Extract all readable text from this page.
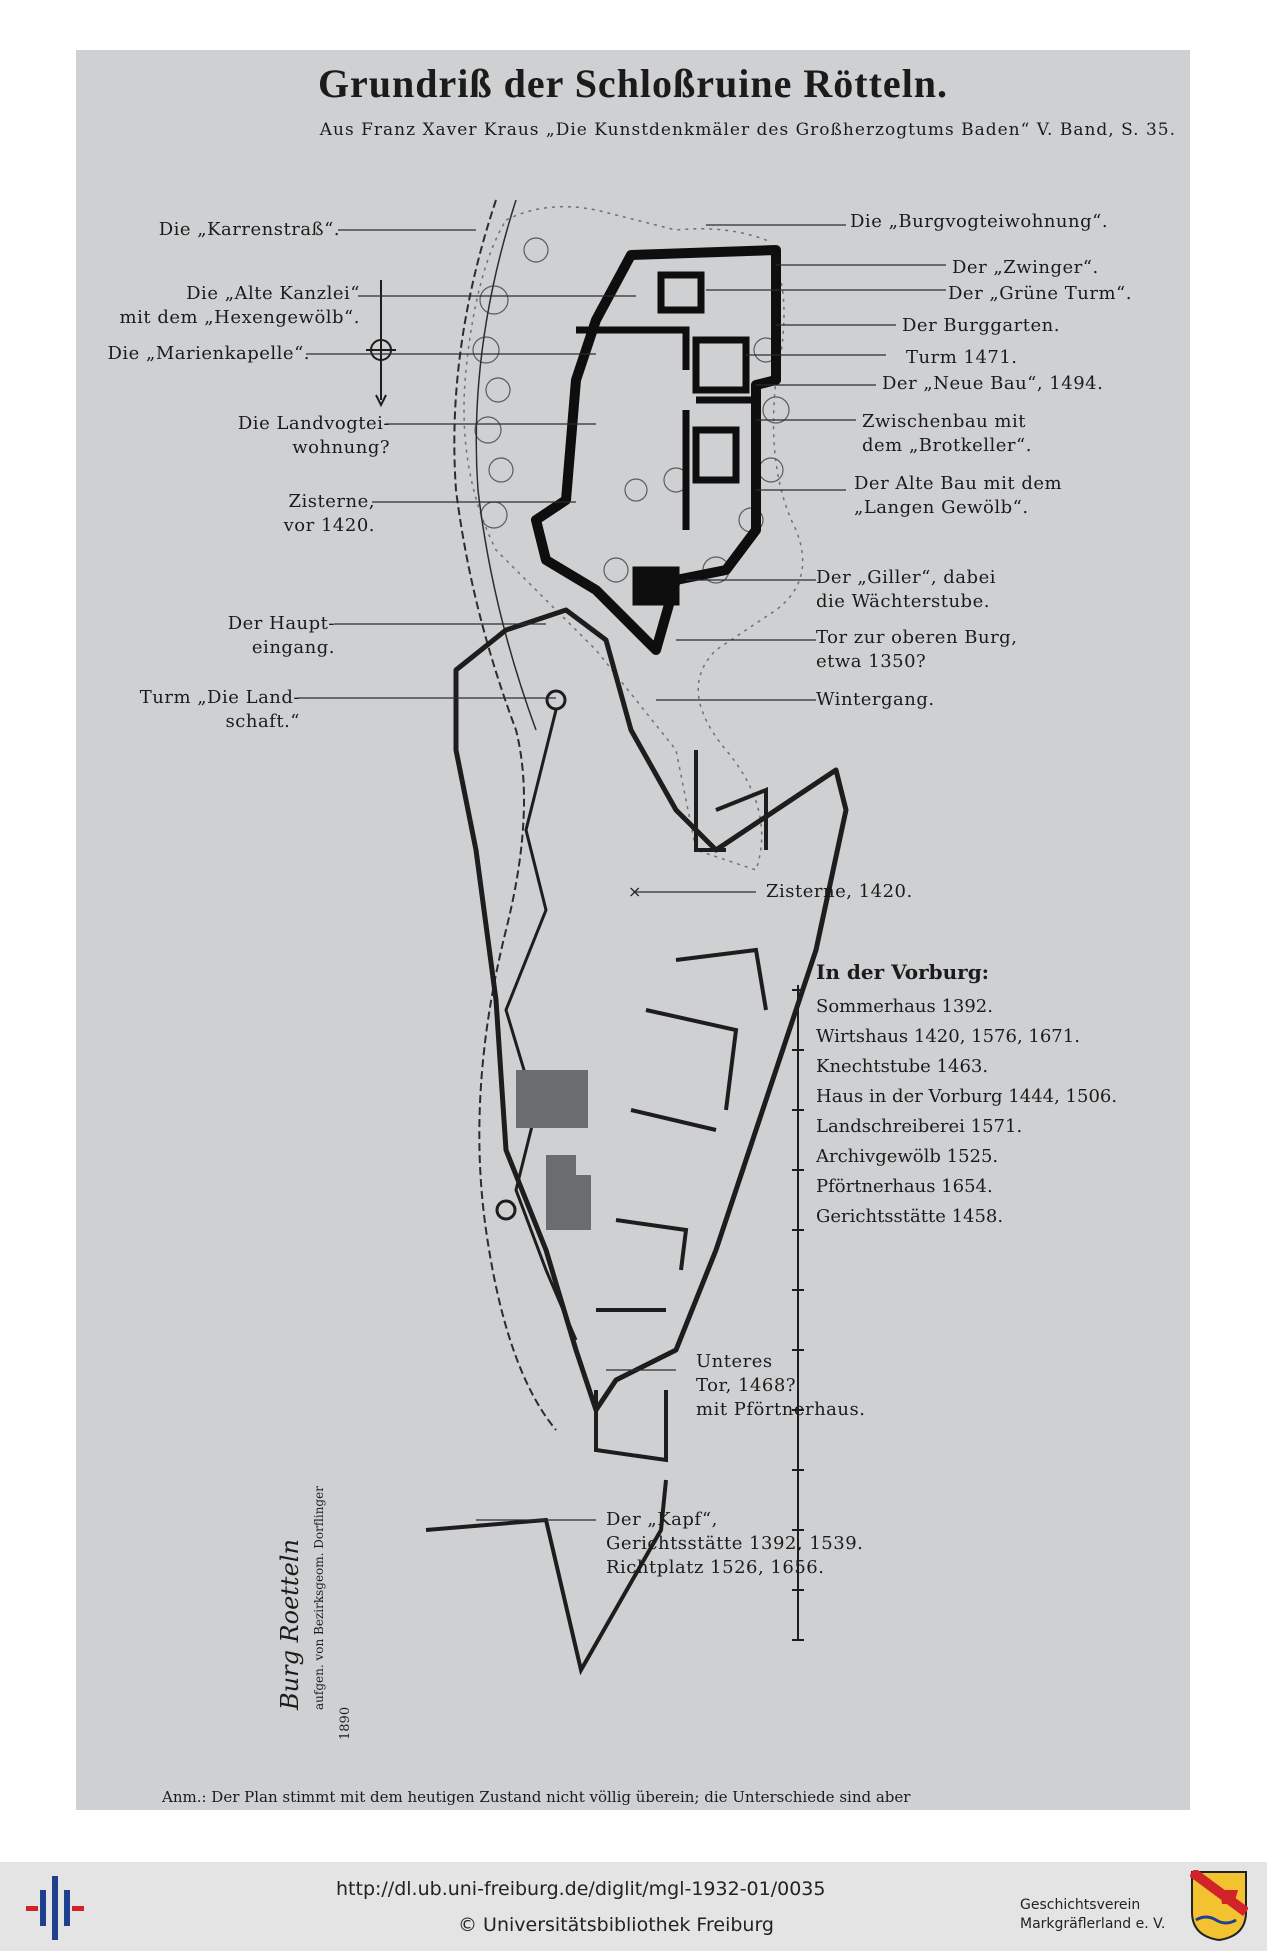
Grundriß der Schloßruine Rötteln.
Aus Franz Xaver Kraus „Die Kunstdenkmäler des Großherzogtums Baden“ V. Band, S. 35.
×
Die „Karrenstraß“.
Die „Alte Kanzlei“
mit dem „Hexengewölb“.
Die „Marienkapelle“.
Die Landvogtei-
wohnung?
Zisterne,
vor 1420.
Der Haupt-
eingang.
Turm „Die Land-
schaft.“
Die „Burgvogteiwohnung“.
Der „Zwinger“.
Der „Grüne Turm“.
Der Burggarten.
Turm 1471.
Der „Neue Bau“, 1494.
Zwischenbau mit
dem „Brotkeller“.
Der Alte Bau mit dem
„Langen Gewölb“.
Der „Giller“, dabei
die Wächterstube.
Tor zur oberen Burg,
etwa 1350?
Wintergang.
Zisterne, 1420.
Unteres
Tor, 1468?
mit Pförtnerhaus.
Der „Kapf“,
Gerichtsstätte 1392, 1539.
Richtplatz 1526, 1656.
In der Vorburg:
Sommerhaus 1392.
Wirtshaus 1420, 1576, 1671.
Knechtstube 1463.
Haus in der Vorburg 1444, 1506.
Landschreiberei 1571.
Archivgewölb 1525.
Pförtnerhaus 1654.
Gerichtsstätte 1458.
Burg Roetteln aufgen. von Bezirksgeom. Dorflinger
1890
Anm.: Der Plan stimmt mit dem heutigen Zustand nicht völlig überein; die Unterschiede sind aber
http://dl.ub.uni-freiburg.de/diglit/mgl-1932-01/0035
© Universitätsbibliothek Freiburg
Geschichtsverein
Markgräflerland e. V.
